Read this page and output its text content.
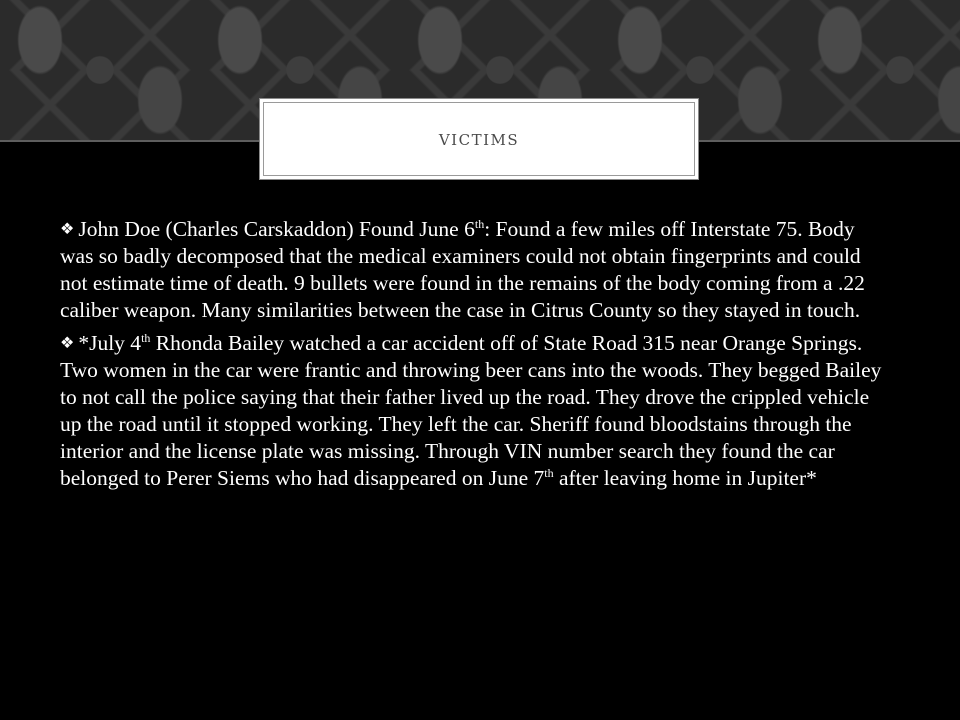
VICTIMS

❖ John Doe (Charles Carskaddon) Found June 6th: Found a few miles off Interstate 75. Body was so badly decomposed that the medical examiners could not obtain fingerprints and could not estimate time of death. 9 bullets were found in the remains of the body coming from a .22 caliber weapon. Many similarities between the case in Citrus County so they stayed in touch.

❖ *July 4th Rhonda Bailey watched a car accident off of State Road 315 near Orange Springs. Two women in the car were frantic and throwing beer cans into the woods. They begged Bailey to not call the police saying that their father lived up the road. They drove the crippled vehicle up the road until it stopped working. They left the car. Sheriff found bloodstains through the interior and the license plate was missing. Through VIN number search they found the car belonged to Perer Siems who had disappeared on June 7th after leaving home in Jupiter*
